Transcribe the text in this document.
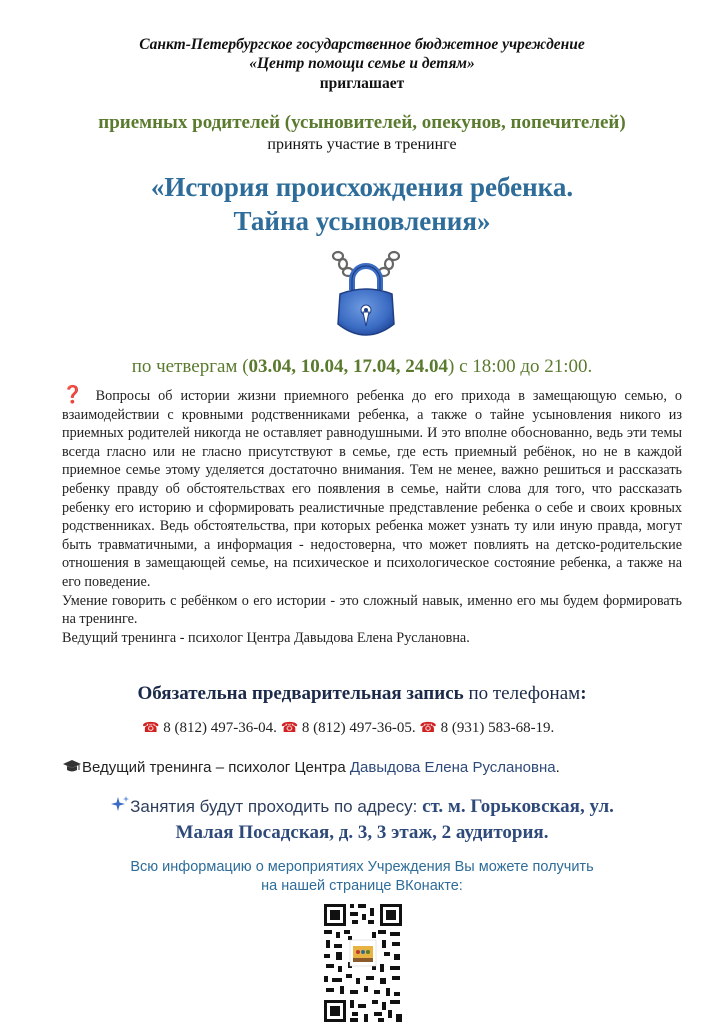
Санкт-Петербургское государственное бюджетное учреждение
«Центр помощи семье и детям»
приглашает
приемных родителей (усыновителей, опекунов, попечителей)
принять участие в тренинге
«История происхождения ребенка.
Тайна усыновления»
по четвергам (03.04, 10.04, 17.04, 24.04) с 18:00 до 21:00.

❓ Вопросы об истории жизни приемного ребенка до его прихода в замещающую семью, о взаимодействии с кровными родственниками ребенка, а также о тайне усыновления никого из приемных родителей никогда не оставляет равнодушными. И это вполне обоснованно, ведь эти темы всегда гласно или не гласно присутствуют в семье, где есть приемный ребёнок, но не в каждой приемное семье этому уделяется достаточно внимания. Тем не менее, важно решиться и рассказать ребенку правду об обстоятельствах его появления в семье, найти слова для того, что рассказать ребенку его историю и сформировать реалистичные представление ребенка о себе и своих кровных родственниках. Ведь обстоятельства, при которых ребенка может узнать ту или иную правда, могут быть травматичными, а информация - недостоверна, что может повлиять на детско-родительские отношения в замещающей семье, на психическое и психологическое состояние ребенка, а также на его поведение.

Умение говорить с ребёнком о его истории - это сложный навык, именно его мы будем формировать на тренинге.

Ведущий тренинга - психолог Центра Давыдова Елена Руслановна.

Обязательна предварительная запись по телефонам:
☎ 8 (812) 497-36-04. ☎ 8 (812) 497-36-05. ☎ 8 (931) 583-68-19.
Ведущий тренинга – психолог Центра Давыдова Елена Руслановна.
Занятия будут проходить по адресу: ст. м. Горьковская, ул.
Малая Посадская, д. 3, 3 этаж, 2 аудитория.
Всю информацию о мероприятиях Учреждения Вы можете получить
на нашей странице ВКонакте:
